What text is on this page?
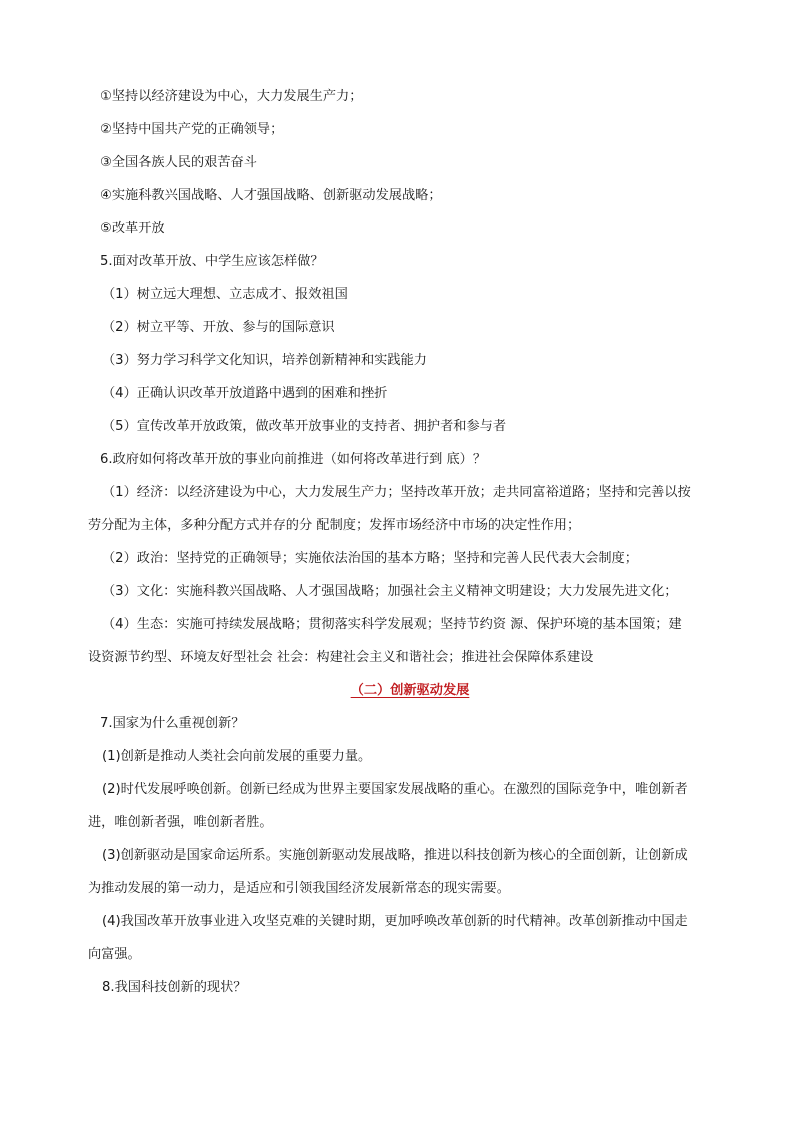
①坚持以经济建设为中心，大力发展生产力；

②坚持中国共产党的正确领导；

③全国各族人民的艰苦奋斗

④实施科教兴国战略、人才强国战略、创新驱动发展战略；

⑤改革开放

5.面对改革开放、中学生应该怎样做？

（1）树立远大理想、立志成才、报效祖国

（2）树立平等、开放、参与的国际意识

（3）努力学习科学文化知识，培养创新精神和实践能力

（4）正确认识改革开放道路中遇到的困难和挫折

（5）宣传改革开放政策，做改革开放事业的支持者、拥护者和参与者

6.政府如何将改革开放的事业向前推进（如何将改革进行到 底）？

（1）经济：以经济建设为中心，大力发展生产力；坚持改革开放；走共同富裕道路；坚持和完善以按

劳分配为主体，多种分配方式并存的分 配制度；发挥市场经济中市场的决定性作用；

（2）政治：坚持党的正确领导；实施依法治国的基本方略；坚持和完善人民代表大会制度；

（3）文化：实施科教兴国战略、人才强国战略；加强社会主义精神文明建设；大力发展先进文化；

（4）生态：实施可持续发展战略；贯彻落实科学发展观；坚持节约资 源、保护环境的基本国策；建

设资源节约型、环境友好型社会 社会：构建社会主义和谐社会；推进社会保障体系建设

（二）创新驱动发展

7.国家为什么重视创新？

(1)创新是推动人类社会向前发展的重要力量。

(2)时代发展呼唤创新。创新已经成为世界主要国家发展战略的重心。在激烈的国际竞争中，唯创新者

进，唯创新者强，唯创新者胜。

(3)创新驱动是国家命运所系。实施创新驱动发展战略，推进以科技创新为核心的全面创新，让创新成

为推动发展的第一动力，是适应和引领我国经济发展新常态的现实需要。

(4)我国改革开放事业进入攻坚克难的关键时期，更加呼唤改革创新的时代精神。改革创新推动中国走

向富强。

8.我国科技创新的现状？
